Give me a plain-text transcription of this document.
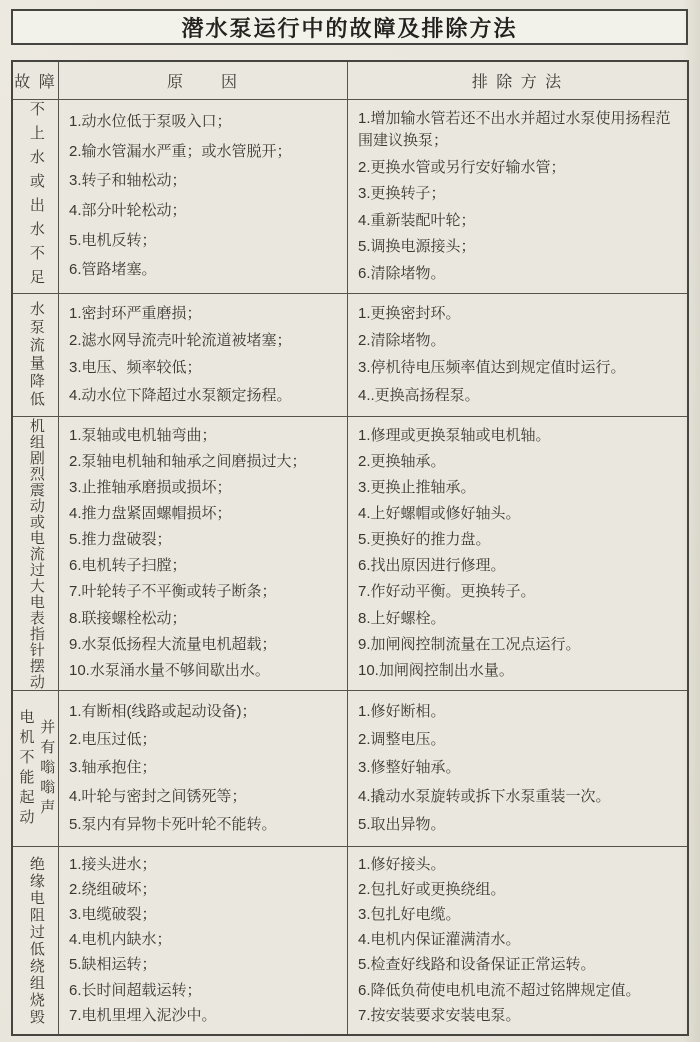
潜水泵运行中的故障及排除方法
故 障	原　　因	排 除 方 法
不上水或出水不足 1.动水位低于泵吸入口；
2.输水管漏水严重；或水管脱开；
3.转子和轴松动；
4.部分叶轮松动；
5.电机反转；
6.管路堵塞。
1.增加输水管若还不出水并超过水泵使用扬程范围建议换泵；
2.更换水管或另行安好输水管；
3.更换转子；
4.重新装配叶轮；
5.调换电源接头；
6.清除堵物。
水泵流量降低 1.密封环严重磨损；
2.滤水网导流壳叶轮流道被堵塞；
3.电压、频率较低；
4.动水位下降超过水泵额定扬程。
1.更换密封环。
2.清除堵物。
3.停机待电压频率值达到规定值时运行。
4..更换高扬程泵。
机组剧烈震动或电流过大电表指针摆动 1.泵轴或电机轴弯曲；
2.泵轴电机轴和轴承之间磨损过大；
3.止推轴承磨损或损坏；
4.推力盘紧固螺帽损坏；
5.推力盘破裂；
6.电机转子扫膛；
7.叶轮转子不平衡或转子断条；
8.联接螺栓松动；
9.水泵低扬程大流量电机超载；
10.水泵涌水量不够间歇出水。
1.修理或更换泵轴或电机轴。
2.更换轴承。
3.更换止推轴承。
4.上好螺帽或修好轴头。
5.更换好的推力盘。
6.找出原因进行修理。
7.作好动平衡。更换转子。
8.上好螺栓。
9.加闸阀控制流量在工况点运行。
10.加闸阀控制出水量。
电机不能起动 并有嗡嗡声
1.有断相(线路或起动设备)；
2.电压过低；
3.轴承抱住；
4.叶轮与密封之间锈死等；
5.泵内有异物卡死叶轮不能转。
1.修好断相。
2.调整电压。
3.修整好轴承。
4.撬动水泵旋转或拆下水泵重装一次。
5.取出异物。
绝缘电阻过低绕组烧毁 1.接头进水；
2.绕组破坏；
3.电缆破裂；
4.电机内缺水；
5.缺相运转；
6.长时间超载运转；
7.电机里埋入泥沙中。
1.修好接头。
2.包扎好或更换绕组。
3.包扎好电缆。
4.电机内保证灌满清水。
5.检查好线路和设备保证正常运转。
6.降低负荷使电机电流不超过铭牌规定值。
7.按安装要求安装电泵。
